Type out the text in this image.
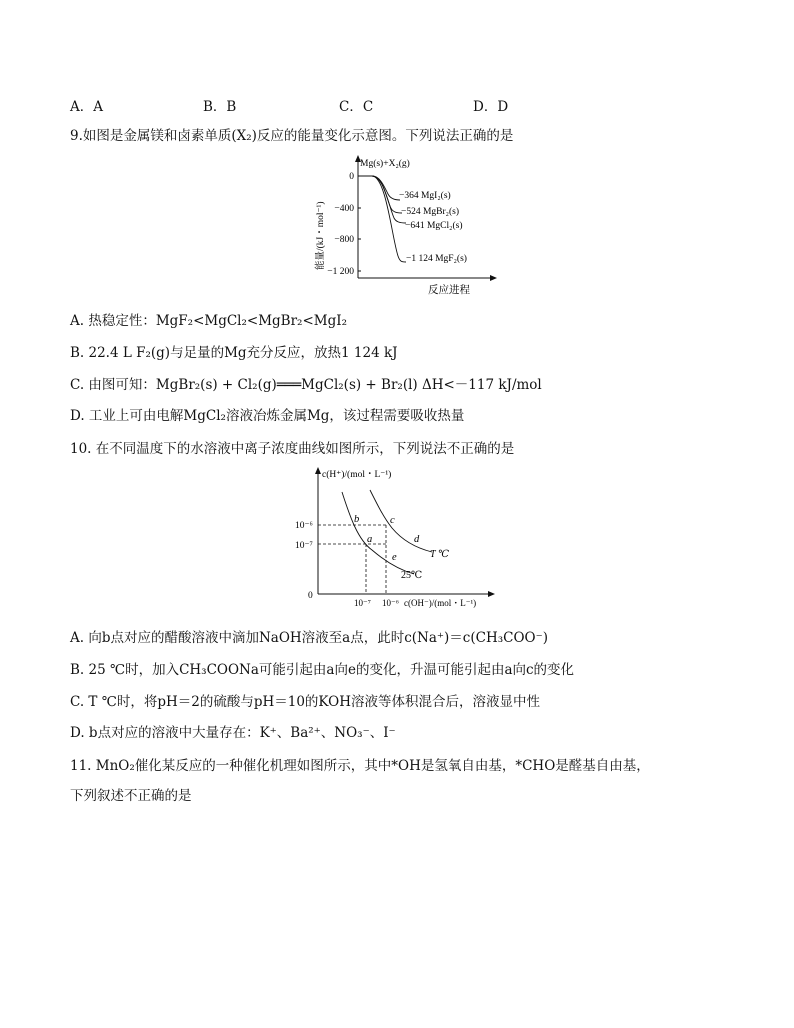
A．A	B．B	C．C	D．D
9.如图是金属镁和卤素单质(X₂)反应的能量变化示意图。下列说法正确的是
能量/(kJ・mol⁻¹)
0
−400
−800
−1 200
Mg(s)+X₂(g)
−364 MgI₂(s)
−524 MgBr₂(s)
−641 MgCl₂(s)
−1 124 MgF₂(s)
反应进程
A. 热稳定性：MgF₂<MgCl₂<MgBr₂<MgI₂
B. 22.4 L F₂(g)与足量的Mg充分反应，放热1 124 kJ
C. 由图可知：MgBr₂(s) + Cl₂(g)═══MgCl₂(s) + Br₂(l) ΔH<－117 kJ/mol
D. 工业上可由电解MgCl₂溶液冶炼金属Mg，该过程需要吸收热量
10. 在不同温度下的水溶液中离子浓度曲线如图所示，下列说法不正确的是
c(H⁺)/(mol・L⁻¹)
0
10⁻⁶
10⁻⁷
b
a
c
d
e	T ℃
25℃
10⁻⁷ 10⁻⁶ c(OH⁻)/(mol・L⁻¹)
A. 向b点对应的醋酸溶液中滴加NaOH溶液至a点，此时c(Na⁺)＝c(CH₃COO⁻)
B. 25 ℃时，加入CH₃COONa可能引起由a向e的变化，升温可能引起由a向c的变化
C. T ℃时，将pH＝2的硫酸与pH＝10的KOH溶液等体积混合后，溶液显中性
D. b点对应的溶液中大量存在：K⁺、Ba²⁺、NO₃⁻、I⁻
11. MnO₂催化某反应的一种催化机理如图所示，其中*OH是氢氧自由基，*CHO是醛基自由基，
下列叙述不正确的是
